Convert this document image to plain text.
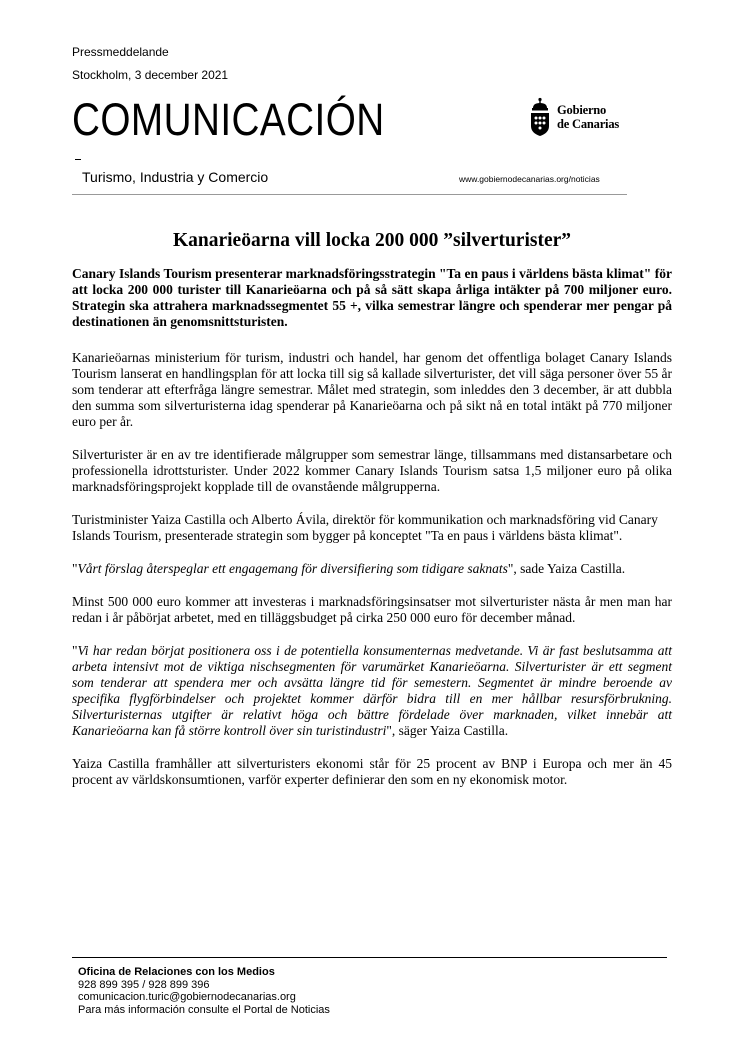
Pressmeddelande
Stockholm, 3 december 2021
COMUNICACIÓN	Gobierno
de Canarias
Turismo, Industria y Comercio	www.gobiernodecanarias.org/noticias
Kanarieöarna vill locka 200 000 ”silverturister”

Canary Islands Tourism presenterar marknadsföringsstrategin "Ta en paus i världens bästa klimat" för att locka 200 000 turister till Kanarieöarna och på så sätt skapa årliga intäkter på 700 miljoner euro. Strategin ska attrahera marknadssegmentet 55 +, vilka semestrar längre och spenderar mer pengar på destinationen än genomsnittsturisten.

Kanarieöarnas ministerium för turism, industri och handel, har genom det offentliga bolaget Canary Islands Tourism lanserat en handlingsplan för att locka till sig så kallade silverturister, det vill säga personer över 55 år som tenderar att efterfråga längre semestrar. Målet med strategin, som inleddes den 3 december, är att dubbla den summa som silverturisterna idag spenderar på Kanarieöarna och på sikt nå en total intäkt på 770 miljoner euro per år.

Silverturister är en av tre identifierade målgrupper som semestrar länge, tillsammans med distansarbetare och professionella idrottsturister. Under 2022 kommer Canary Islands Tourism satsa 1,5 miljoner euro på olika marknadsföringsprojekt kopplade till de ovanstående målgrupperna.

Turistminister Yaiza Castilla och Alberto Ávila, direktör för kommunikation och marknadsföring vid Canary Islands Tourism, presenterade strategin som bygger på konceptet "Ta en paus i världens bästa klimat".

"Vårt förslag återspeglar ett engagemang för diversifiering som tidigare saknats", sade Yaiza Castilla.

Minst 500 000 euro kommer att investeras i marknadsföringsinsatser mot silverturister nästa år men man har redan i år påbörjat arbetet, med en tilläggsbudget på cirka 250 000 euro för december månad.

"Vi har redan börjat positionera oss i de potentiella konsumenternas medvetande. Vi är fast beslutsamma att arbeta intensivt mot de viktiga nischsegmenten för varumärket Kanarieöarna. Silverturister är ett segment som tenderar att spendera mer och avsätta längre tid för semestern. Segmentet är mindre beroende av specifika flygförbindelser och projektet kommer därför bidra till en mer hållbar resursförbrukning. Silverturisternas utgifter är relativt höga och bättre fördelade över marknaden, vilket innebär att Kanarieöarna kan få större kontroll över sin turistindustri", säger Yaiza Castilla.

Yaiza Castilla framhåller att silverturisters ekonomi står för 25 procent av BNP i Europa och mer än 45 procent av världskonsumtionen, varför experter definierar den som en ny ekonomisk motor.

Oficina de Relaciones con los Medios
928 899 395 / 928 899 396
comunicacion.turic@gobiernodecanarias.org
Para más información consulte el Portal de Noticias
